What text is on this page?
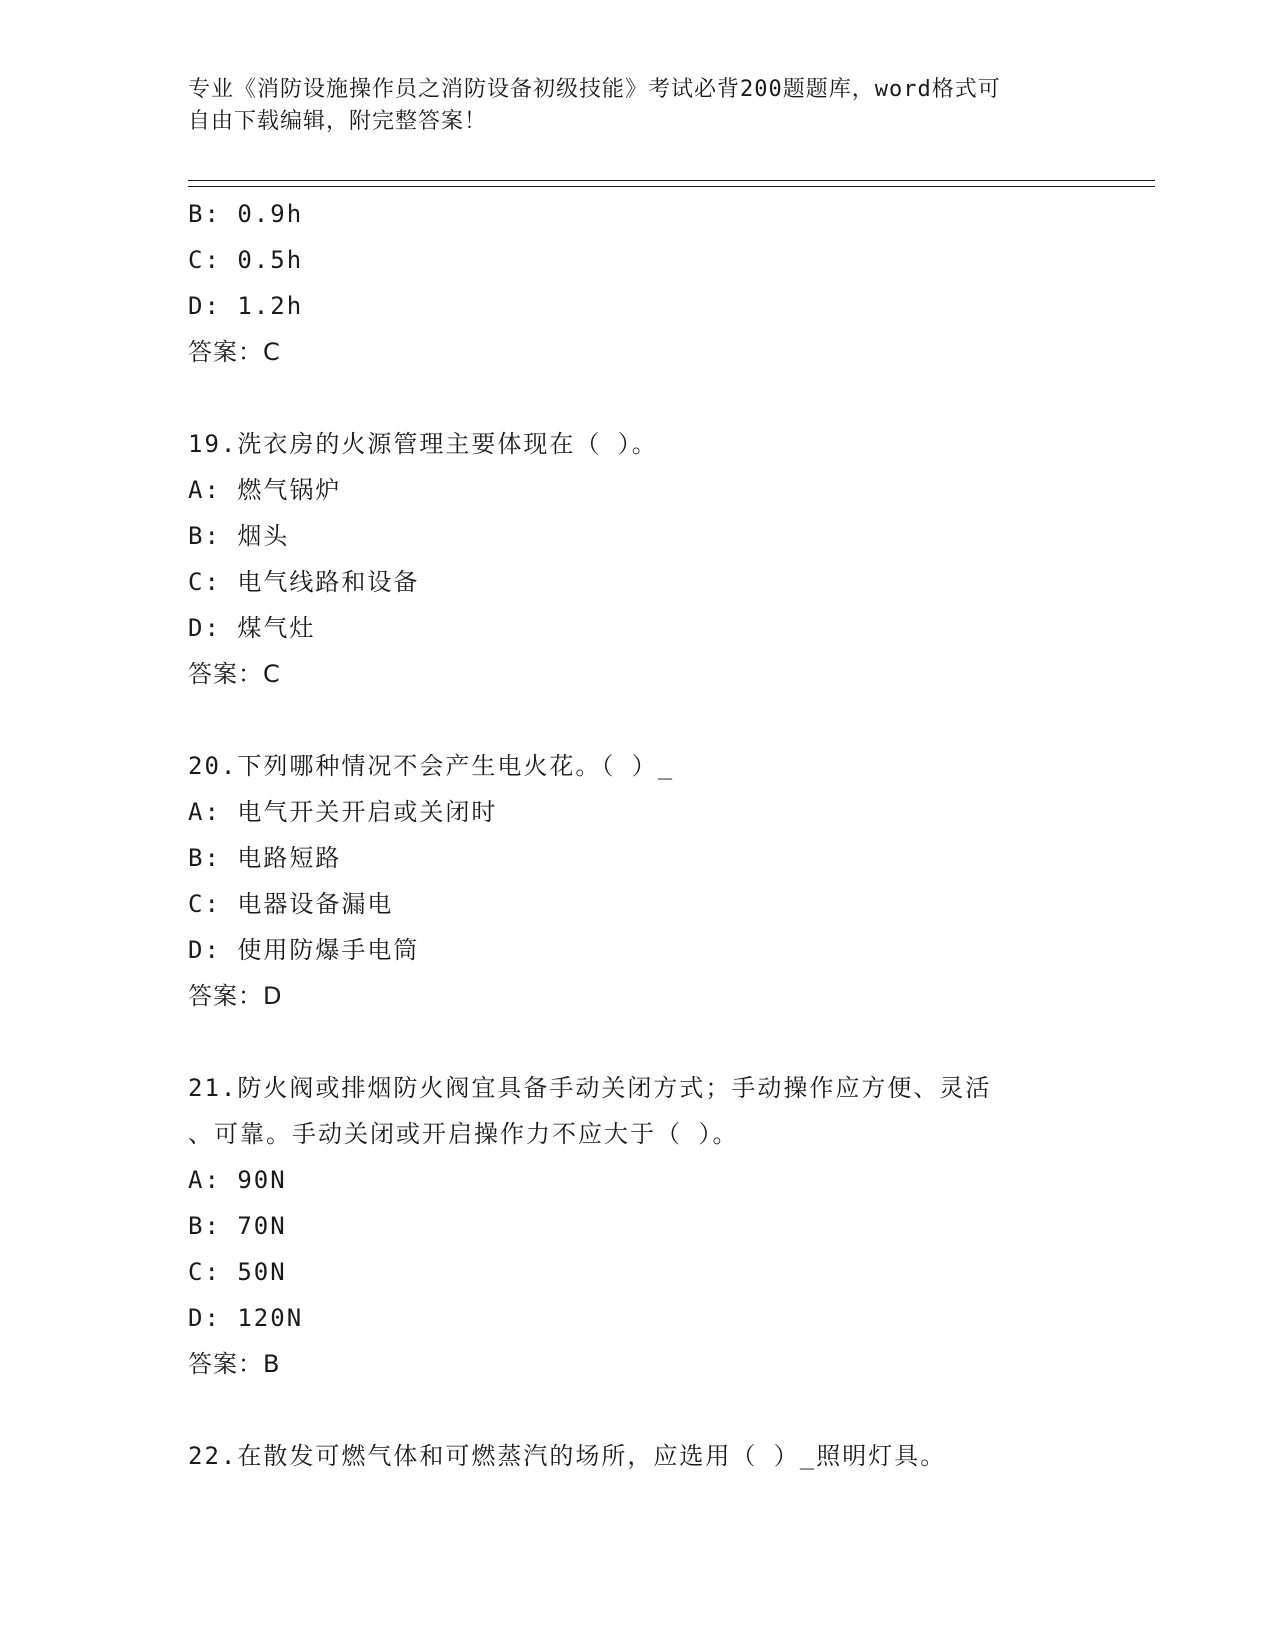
专业《消防设施操作员之消防设备初级技能》考试必背200题题库，word格式可
自由下载编辑，附完整答案！
B: 0.9h
C: 0.5h
D: 1.2h
答案：C
19.洗衣房的火源管理主要体现在（ ）。
A: 燃气锅炉
B: 烟头
C: 电气线路和设备
D: 煤气灶
答案：C
20.下列哪种情况不会产生电火花。（ ）_
A: 电气开关开启或关闭时
B: 电路短路
C: 电器设备漏电
D: 使用防爆手电筒
答案：D
21.防火阀或排烟防火阀宜具备手动关闭方式；手动操作应方便、灵活
、可靠。手动关闭或开启操作力不应大于（ ）。
A: 90N
B: 70N
C: 50N
D: 120N
答案：B
22.在散发可燃气体和可燃蒸汽的场所，应选用（ ）_照明灯具。
